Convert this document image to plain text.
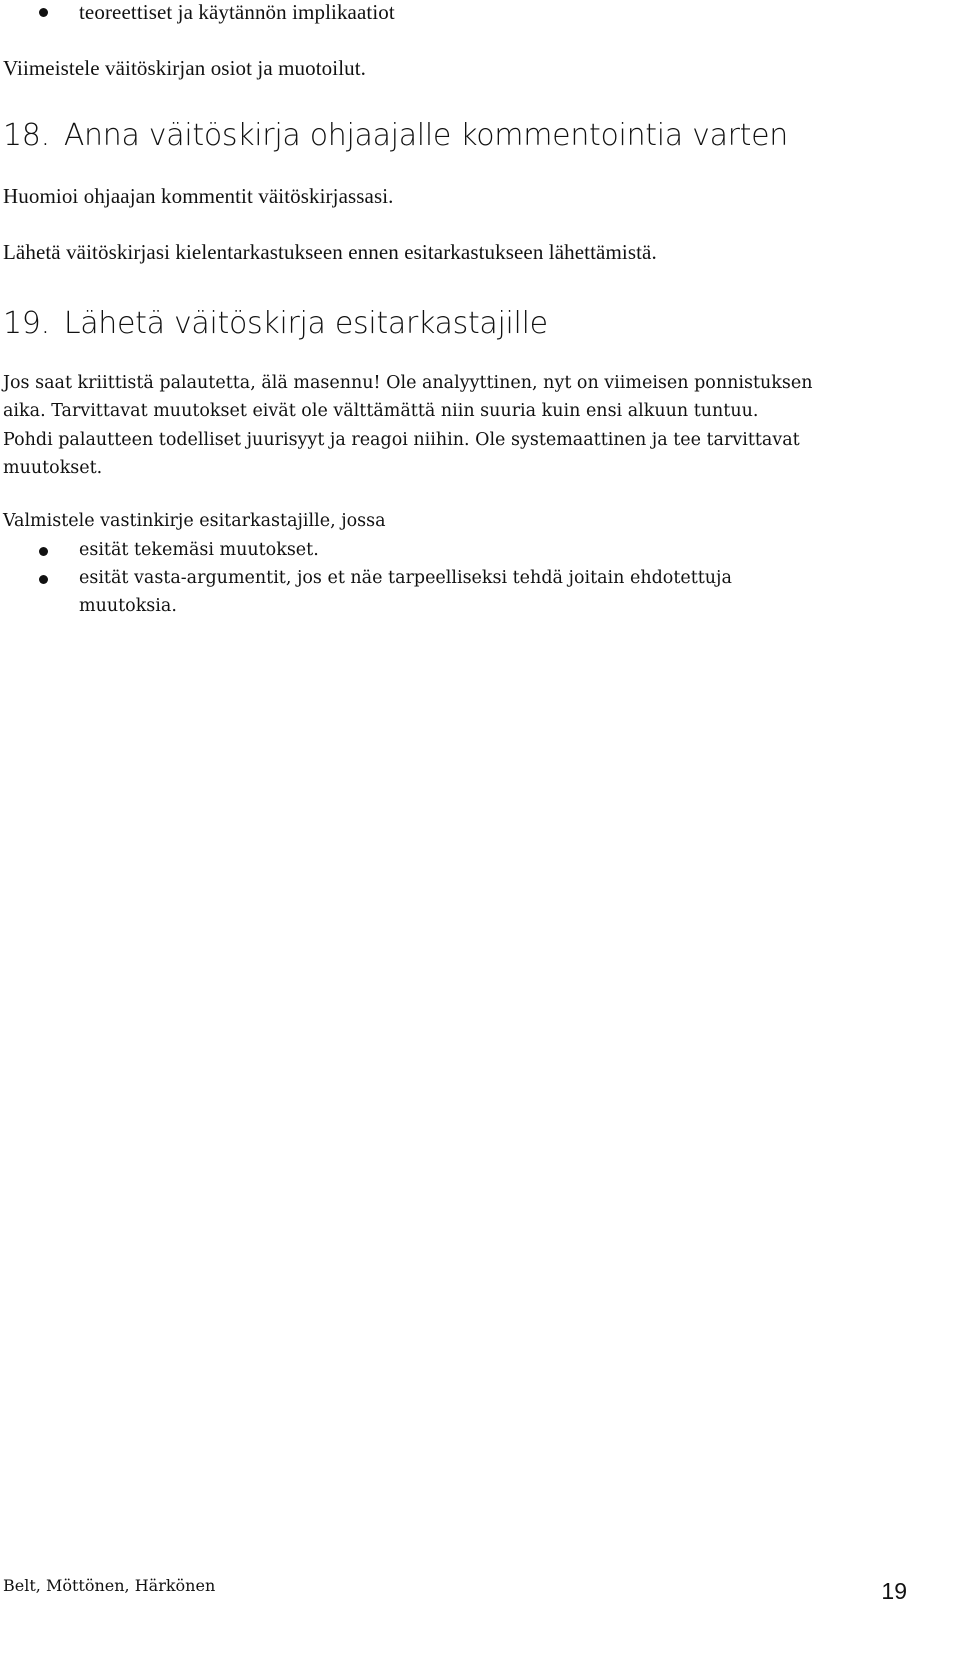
teoreettiset ja käytännön implikaatiot
Viimeistele väitöskirjan osiot ja muotoilut.
18. Anna väitöskirja ohjaajalle kommentointia varten
Huomioi ohjaajan kommentit väitöskirjassasi.
Lähetä väitöskirjasi kielentarkastukseen ennen esitarkastukseen lähettämistä.
19. Lähetä väitöskirja esitarkastajille
Jos saat kriittistä palautetta, älä masennu! Ole analyyttinen, nyt on viimeisen ponnistuksen
aika. Tarvittavat muutokset eivät ole välttämättä niin suuria kuin ensi alkuun tuntuu.
Pohdi palautteen todelliset juurisyyt ja reagoi niihin. Ole systemaattinen ja tee tarvittavat
muutokset.
Valmistele vastinkirje esitarkastajille, jossa
esität tekemäsi muutokset.
esität vasta-argumentit, jos et näe tarpeelliseksi tehdä joitain ehdotettuja
muutoksia.
Belt, Möttönen, Härkönen	19
